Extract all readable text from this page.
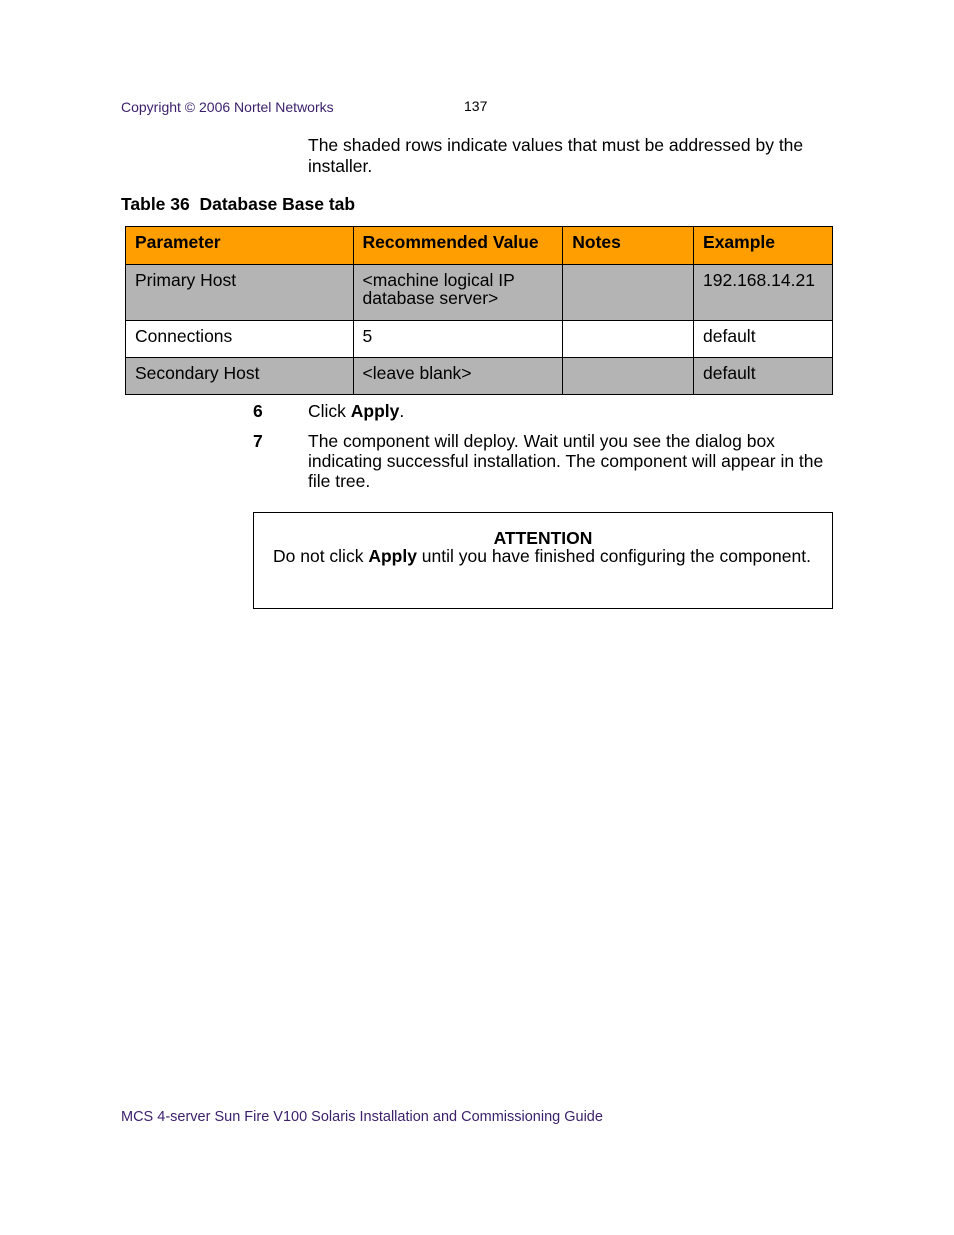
Copyright © 2006 Nortel Networks	137
The shaded rows indicate values that must be addressed by the installer.
Table 36  Database Base tab
Parameter	Recommended Value	Notes	Example
Primary Host	<machine logical IP database server>		192.168.14.21
Connections	5		default
Secondary Host	<leave blank>		default
6	Click Apply.
7	The component will deploy. Wait until you see the dialog box indicating successful installation. The component will appear in the file tree.
ATTENTION
Do not click Apply until you have finished configuring the component.
MCS 4-server Sun Fire V100 Solaris Installation and Commissioning Guide
